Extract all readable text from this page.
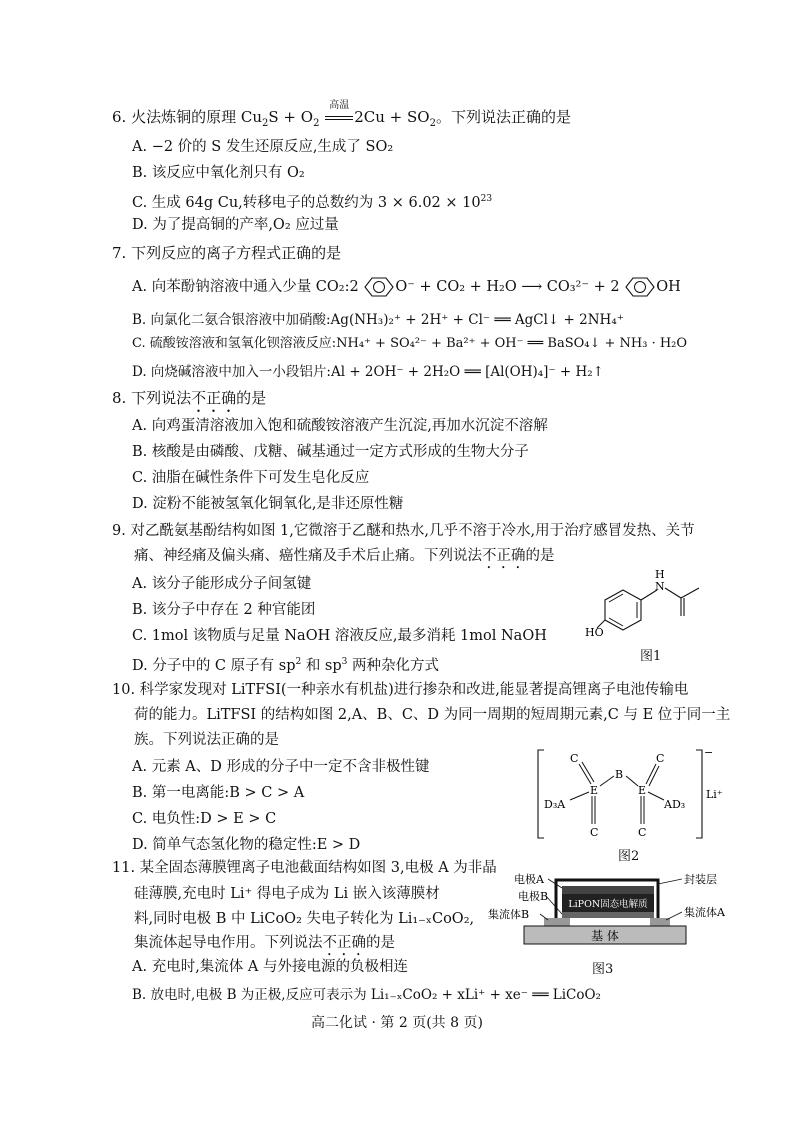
6. 火法炼铜的原理 $Cu_2S + O_2$
高温
$2Cu + SO_2$。下列说法正确的是
A. −2 价的 S 发生还原反应,生成了 SO₂
B. 该反应中氧化剂只有 O₂
C. 生成 64g Cu,转移电子的总数约为 $3 \times 6.02 \times 10^{23}$
D. 为了提高铜的产率,O₂ 应过量
7. 下列反应的离子方程式正确的是
A. 向苯酚钠溶液中通入少量 CO₂:2	O⁻ + CO₂ + H₂O ⟶ CO₃²⁻ + 2	OH
B. 向氯化二氨合银溶液中加硝酸:Ag(NH₃)₂⁺ + 2H⁺ + Cl⁻ ══ AgCl↓ + 2NH₄⁺
C. 硫酸铵溶液和氢氧化钡溶液反应:NH₄⁺ + SO₄²⁻ + Ba²⁺ + OH⁻ ══ BaSO₄↓ + NH₃ · H₂O
D. 向烧碱溶液中加入一小段铝片:Al + 2OH⁻ + 2H₂O ══ [Al(OH)₄]⁻ + H₂↑
8. 下列说法不正确的是
A. 向鸡蛋清溶液加入饱和硫酸铵溶液产生沉淀,再加水沉淀不溶解
B. 核酸是由磷酸、戊糖、碱基通过一定方式形成的生物大分子
C. 油脂在碱性条件下可发生皂化反应
D. 淀粉不能被氢氧化铜氧化,是非还原性糖
9. 对乙酰氨基酚结构如图 1,它微溶于乙醚和热水,几乎不溶于冷水,用于治疗感冒发热、关节
痛、神经痛及偏头痛、癌性痛及手术后止痛。下列说法不正确的是
A. 该分子能形成分子间氢键
B. 该分子中存在 2 种官能团
C. 1mol 该物质与足量 NaOH 溶液反应,最多消耗 1mol NaOH
D. 分子中的 C 原子有 $sp^2$ 和 $sp^3$ 两种杂化方式
H
N
HO
图1
10. 科学家发现对 LiTFSI(一种亲水有机盐)进行掺杂和改进,能显著提高锂离子电池传输电
荷的能力。LiTFSI 的结构如图 2,A、B、C、D 为同一周期的短周期元素,C 与 E 位于同一主
族。下列说法正确的是
A. 元素 A、D 形成的分子中一定不含非极性键
B. 第一电离能:B > C > A
C. 电负性:D > E > C
D. 简单气态氢化物的稳定性:E > D
−
Li⁺
E
C
C
D₃A
B
E
C
C
AD₃
图2
11. 某全固态薄膜锂离子电池截面结构如图 3,电极 A 为非晶
硅薄膜,充电时 Li⁺ 得电子成为 Li 嵌入该薄膜材
料,同时电极 B 中 LiCoO₂ 失电子转化为 Li₁₋ₓCoO₂,
集流体起导电作用。下列说法不正确的是
A. 充电时,集流体 A 与外接电源的负极相连
B. 放电时,电极 B 为正极,反应可表示为 Li₁₋ₓCoO₂ + xLi⁺ + xe⁻ ══ LiCoO₂
电极A
电极B
集流体B
封装层
集流体A
LiPON固态电解质
基 体
图3
高二化试 · 第 2 页(共 8 页)
